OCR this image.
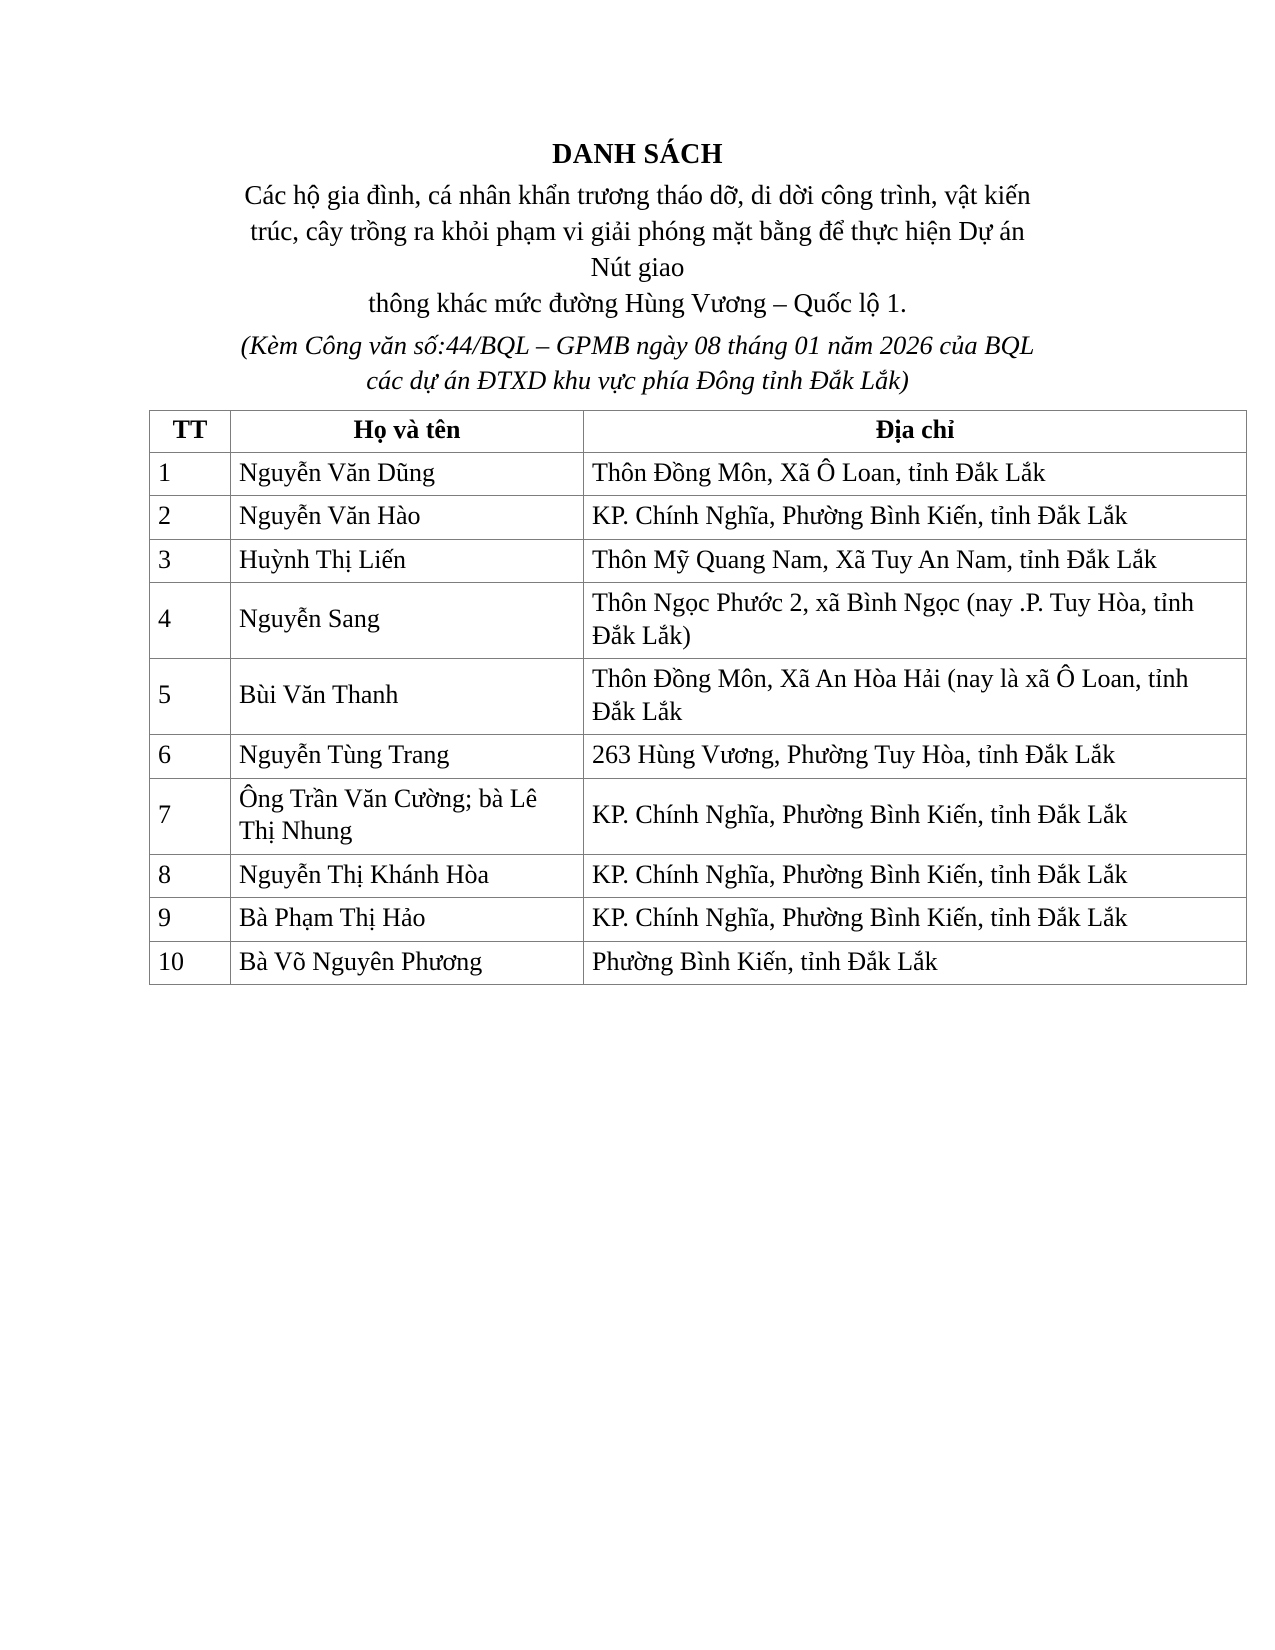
DANH SÁCH
Các hộ gia đình, cá nhân khẩn trương tháo dỡ, di dời công trình, vật kiến
trúc, cây trồng ra khỏi phạm vi giải phóng mặt bằng để thực hiện Dự án Nút giao
thông khác mức đường Hùng Vương – Quốc lộ 1.
(Kèm Công văn số:44/BQL – GPMB ngày 08 tháng 01 năm 2026 của BQL
các dự án ĐTXD khu vực phía Đông tỉnh Đắk Lắk)
TT	Họ và tên	Địa chỉ
1	Nguyễn Văn Dũng	Thôn Đồng Môn, Xã Ô Loan, tỉnh Đắk Lắk
2	Nguyễn Văn Hào	KP. Chính Nghĩa, Phường Bình Kiến, tỉnh Đắk Lắk
3	Huỳnh Thị Liến	Thôn Mỹ Quang Nam, Xã Tuy An Nam, tỉnh Đắk Lắk
4	Nguyễn Sang	Thôn Ngọc Phước 2, xã Bình Ngọc (nay .P. Tuy Hòa, tỉnh Đắk Lắk)
5	Bùi Văn Thanh	Thôn Đồng Môn, Xã An Hòa Hải (nay là xã Ô Loan, tỉnh Đắk Lắk
6	Nguyễn Tùng Trang	263 Hùng Vương, Phường Tuy Hòa, tỉnh Đắk Lắk
7	Ông Trần Văn Cường; bà Lê Thị Nhung	KP. Chính Nghĩa, Phường Bình Kiến, tỉnh Đắk Lắk
8	Nguyễn Thị Khánh Hòa	KP. Chính Nghĩa, Phường Bình Kiến, tỉnh Đắk Lắk
9	Bà Phạm Thị Hảo	KP. Chính Nghĩa, Phường Bình Kiến, tỉnh Đắk Lắk
10	Bà Võ Nguyên Phương	Phường Bình Kiến, tỉnh Đắk Lắk
